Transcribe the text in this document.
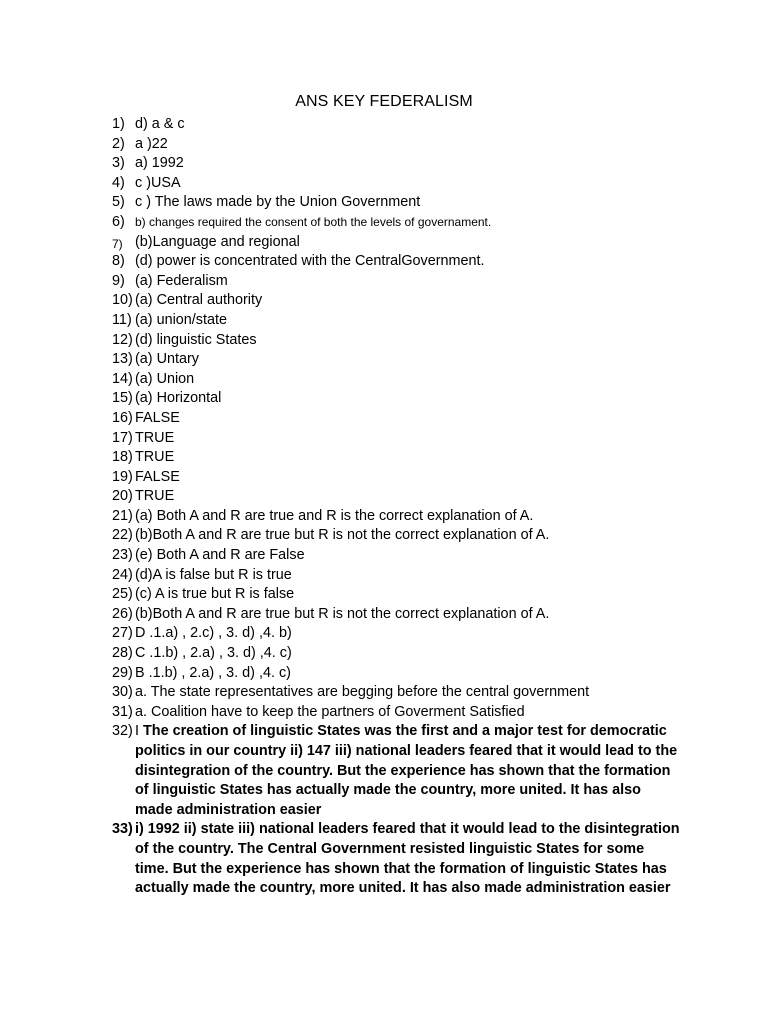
ANS KEY FEDERALISM
1) d) a & c
2) a )22
3) a) 1992
4) c )USA
5) c ) The laws made by the Union Government
6) b) changes required the consent of both the levels of governament.
7) (b)Language and regional
8) (d) power is concentrated with the CentralGovernment.
9) (a) Federalism
10) (a) Central authority
11) (a) union/state
12) (d) linguistic States
13) (a) Untary
14) (a) Union
15) (a) Horizontal
16) FALSE
17) TRUE
18) TRUE
19) FALSE
20) TRUE
21) (a) Both A and R are true and R is the correct explanation of A.
22) (b)Both A and R are true but R is not the correct explanation of A.
23) (e) Both A and R are False
24) (d)A is false but R is true
25) (c) A is true but R is false
26) (b)Both A and R are true but R is not the correct explanation of A.
27) D .1.a) , 2.c) , 3. d) ,4. b)
28) C .1.b) , 2.a) , 3. d) ,4. c)
29) B .1.b) , 2.a) , 3. d) ,4. c)
30) a. The state representatives are begging before the central government
31) a. Coalition have to keep the partners of Goverment Satisfied
32) I The creation of linguistic States was the first and a major test for democratic politics in our country ii) 147 iii) national leaders feared that it would lead to the disintegration of the country. But the experience has shown that the formation of linguistic States has actually made the country, more united. It has also made administration easier
33) i) 1992 ii) state iii) national leaders feared that it would lead to the disintegration of the country. The Central Government resisted linguistic States for some time. But the experience has shown that the formation of linguistic States has actually made the country, more united. It has also made administration easier
